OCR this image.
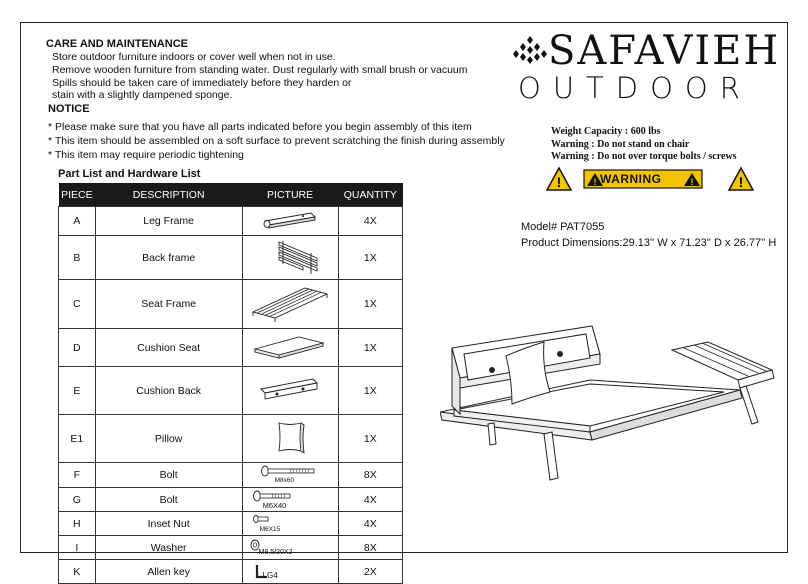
CARE AND MAINTENANCE
Store outdoor furniture indoors or cover well when not in use.
Remove wooden furniture from standing water. Dust regularly with small brush or vacuum
Spills should be taken care of immediately before they harden or
stain with a slightly dampened sponge.
NOTICE
* Please make sure that you have all parts indicated before you begin assembly of this item
* This item should be assembled on a soft surface to prevent scratching the finish during assembly
* This item may require periodic tightening
SAFAVIEH
OUTDOOR
Weight Capacity : 600 lbs
Warning : Do not stand on chair
Warning : Do not over torque bolts / screws
!	!	!	!
WARNING
Model# PAT7055
Product Dimensions:29.13'' W x 71.23'' D x 26.77'' H
Part List and Hardware List
PIECE	DESCRIPTION	PICTURE	QUANTITY
A	Leg Frame		4X
B	Back frame		1X
C	Seat Frame		1X
D	Cushion Seat		1X
E	Cushion Back		1X
E1	Pillow		1X
F	Bolt	M8x60	8X
G	Bolt	M6X40	4X
H	Inset Nut	M6X15	4X
I	Washer	M8.5/20X2	8X
K	Allen key	LG4	2X
